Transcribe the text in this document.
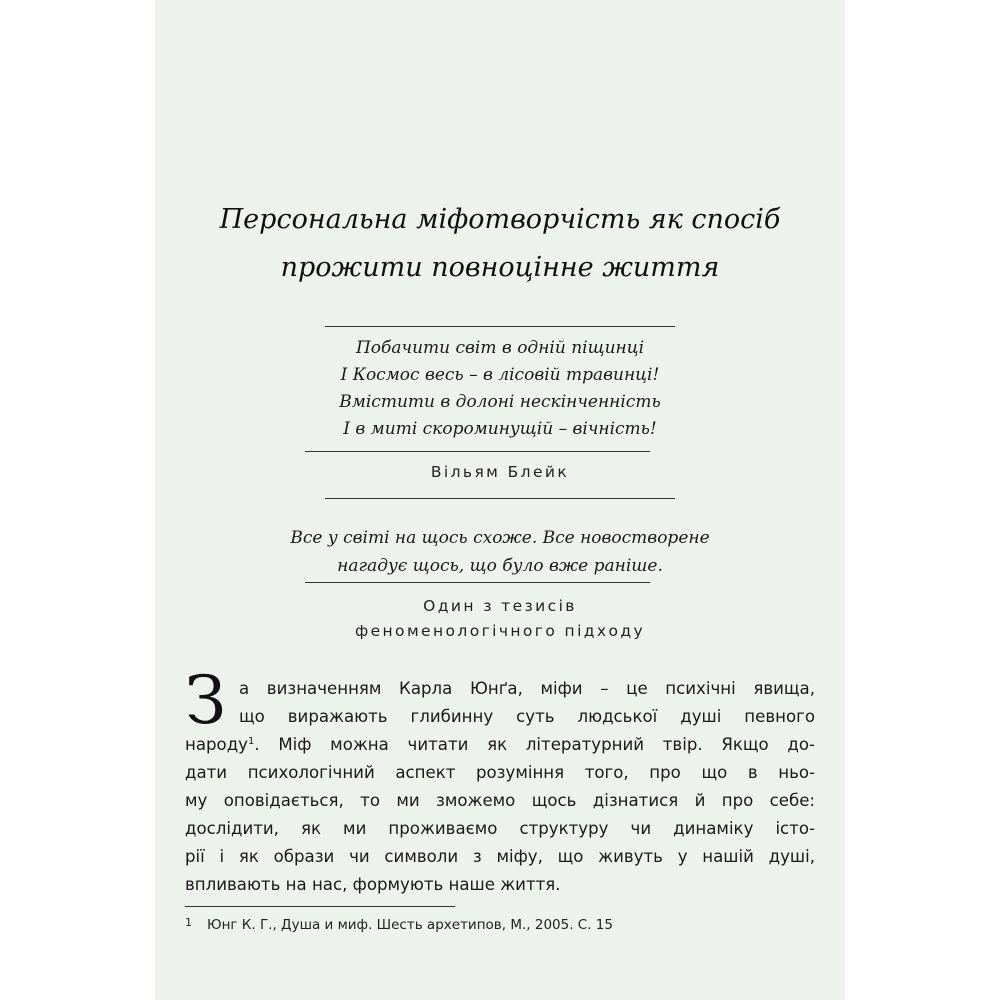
Персональна міфотворчість як спосіб
прожити повноцінне життя
Побачити світ в одній піщинці
І Космос весь – в лісовій травинці!
Вмістити в долоні нескінченність
І в миті скороминущій – вічність!
Вільям Блейк
Все у світі на щось схоже. Все новостворене
нагадує щось, що було вже раніше.
Один з тезисів
феноменологічного підходу
З а визначенням Карла Юнґа, міфи – це психічні явища,
що виражають глибинну суть людської душі певного
народу$^1$. Міф можна читати як літературний твір. Якщо до-
дати психологічний аспект розуміння того, про що в ньо-
му оповідається, то ми зможемо щось дізнатися й про себе:
дослідити, як ми проживаємо структуру чи динаміку істо-
рії і як образи чи символи з міфу, що живуть у нашій душі,
впливають на нас, формують наше життя.
1 Юнг К. Г., Душа и миф. Шесть архетипов, М., 2005. С. 15
